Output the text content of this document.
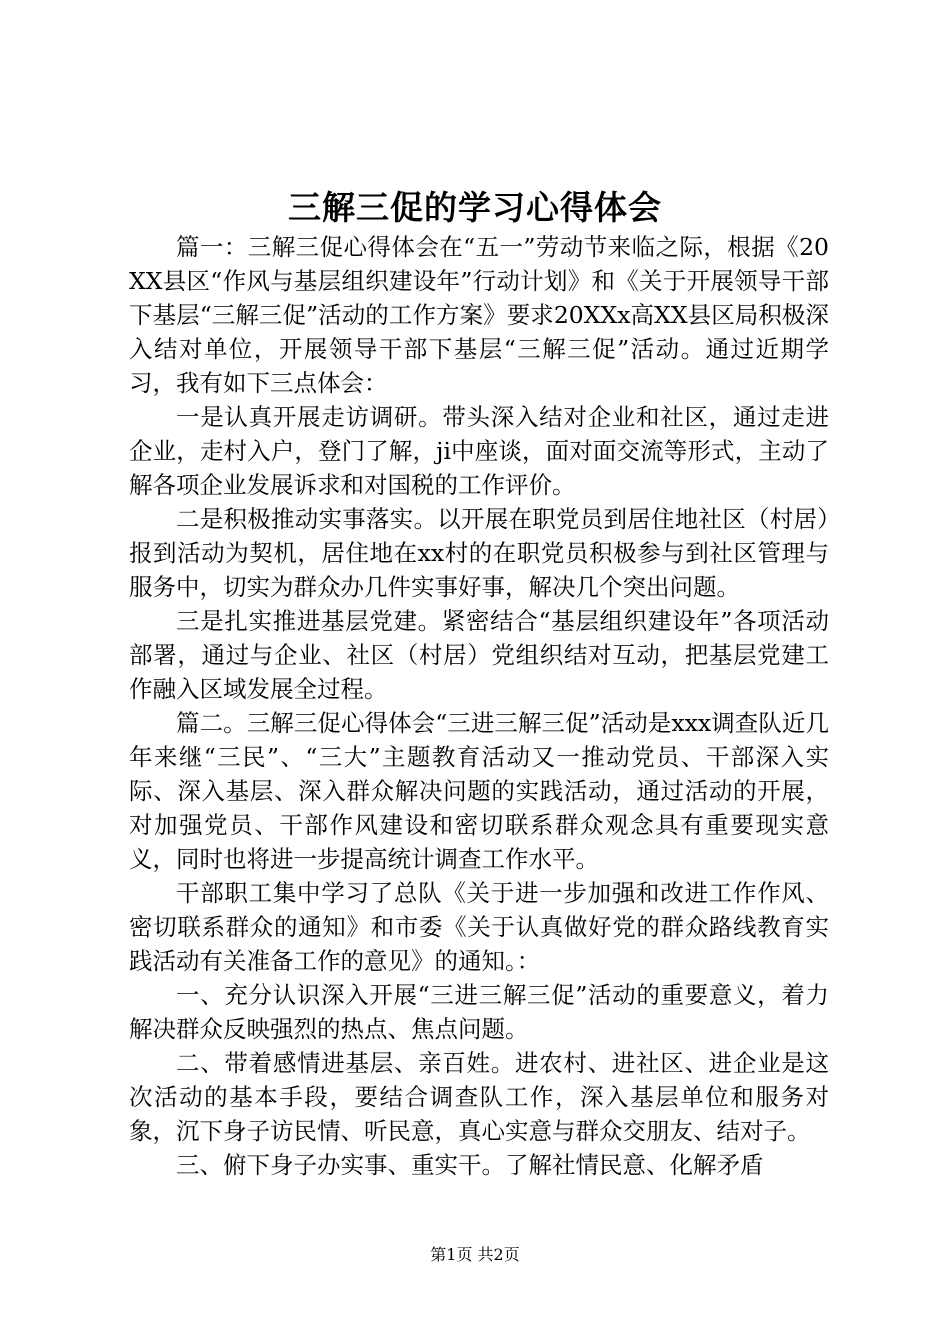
三解三促的学习心得体会

篇一：三解三促心得体会在“五一”劳动节来临之际，根据《20XX县区“作风与基层组织建设年”行动计划》和《关于开展领导干部下基层“三解三促”活动的工作方案》要求20XXx高XX县区局积极深入结对单位，开展领导干部下基层“三解三促”活动。通过近期学习，我有如下三点体会：

一是认真开展走访调研。带头深入结对企业和社区，通过走进企业，走村入户，登门了解，ji中座谈，面对面交流等形式，主动了解各项企业发展诉求和对国税的工作评价。

二是积极推动实事落实。以开展在职党员到居住地社区（村居）报到活动为契机，居住地在xx村的在职党员积极参与到社区管理与服务中，切实为群众办几件实事好事，解决几个突出问题。

三是扎实推进基层党建。紧密结合“基层组织建设年”各项活动部署，通过与企业、社区（村居）党组织结对互动，把基层党建工作融入区域发展全过程。

篇二。三解三促心得体会“三进三解三促”活动是xxx调查队近几年来继“三民”、“三大”主题教育活动又一推动党员、干部深入实际、深入基层、深入群众解决问题的实践活动，通过活动的开展，对加强党员、干部作风建设和密切联系群众观念具有重要现实意义，同时也将进一步提高统计调查工作水平。

干部职工集中学习了总队《关于进一步加强和改进工作作风、密切联系群众的通知》和市委《关于认真做好党的群众路线教育实践活动有关准备工作的意见》的通知。：

一、充分认识深入开展“三进三解三促”活动的重要意义，着力解决群众反映强烈的热点、焦点问题。

二、带着感情进基层、亲百姓。进农村、进社区、进企业是这次活动的基本手段，要结合调查队工作，深入基层单位和服务对象，沉下身子访民情、听民意，真心实意与群众交朋友、结对子。

三、俯下身子办实事、重实干。了解社情民意、化解矛盾

第1页 共2页
